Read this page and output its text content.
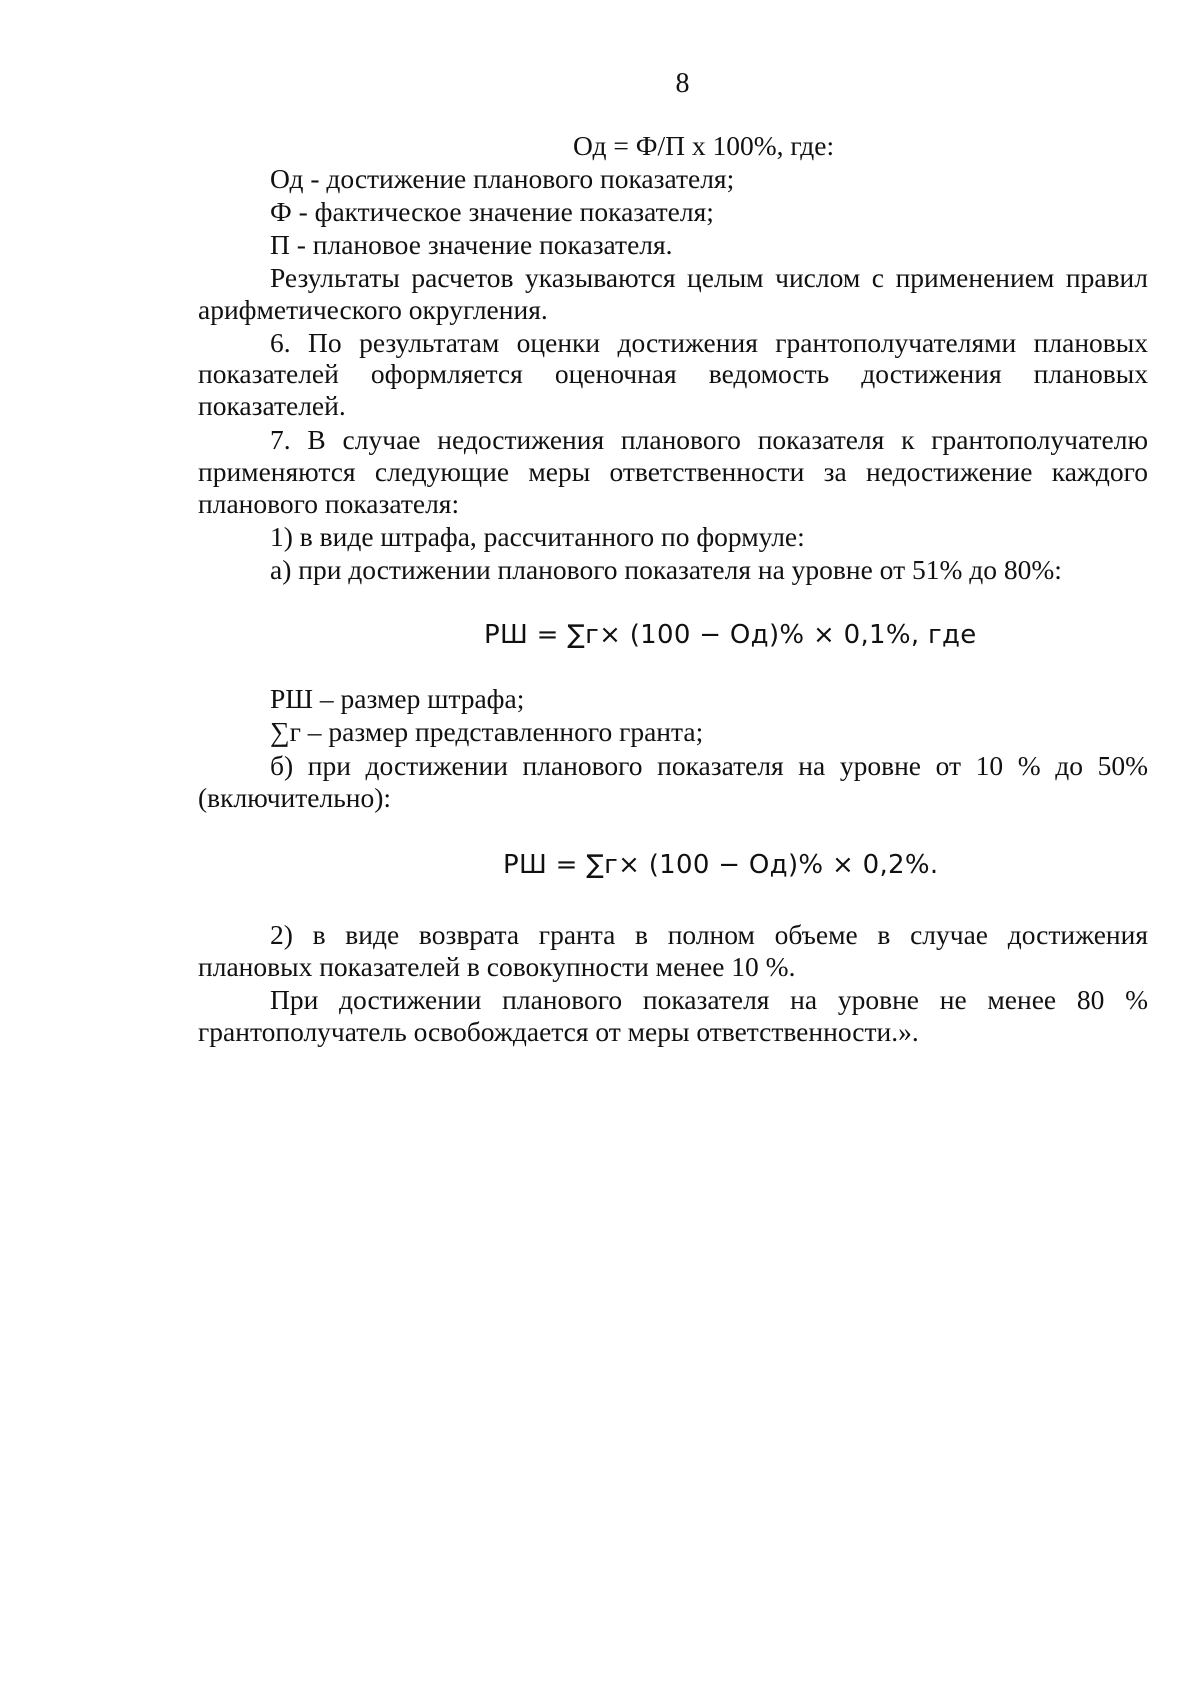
8
Од = Ф/П х 100%, где:
Од - достижение планового показателя;
Ф - фактическое значение показателя;
П - плановое значение показателя.
Результаты расчетов указываются целым числом с применением правил
арифметического округления.
6. По результатам оценки достижения грантополучателями плановых
показателей оформляется оценочная ведомость достижения плановых
показателей.
7. В случае недостижения планового показателя к грантополучателю
применяются следующие меры ответственности за недостижение каждого
планового показателя:
1) в виде штрафа, рассчитанного по формуле:
а) при достижении планового показателя на уровне от 51% до 80%:
РШ = ∑г× (100 − Од)% × 0,1%, где
РШ – размер штрафа;
∑г – размер представленного гранта;
б) при достижении планового показателя на уровне от 10 % до 50%
(включительно):
РШ = ∑г× (100 − Од)% × 0,2%.
2) в виде возврата гранта в полном объеме в случае достижения
плановых показателей в совокупности менее 10 %.
При достижении планового показателя на уровне не менее 80 %
грантополучатель освобождается от меры ответственности.».
